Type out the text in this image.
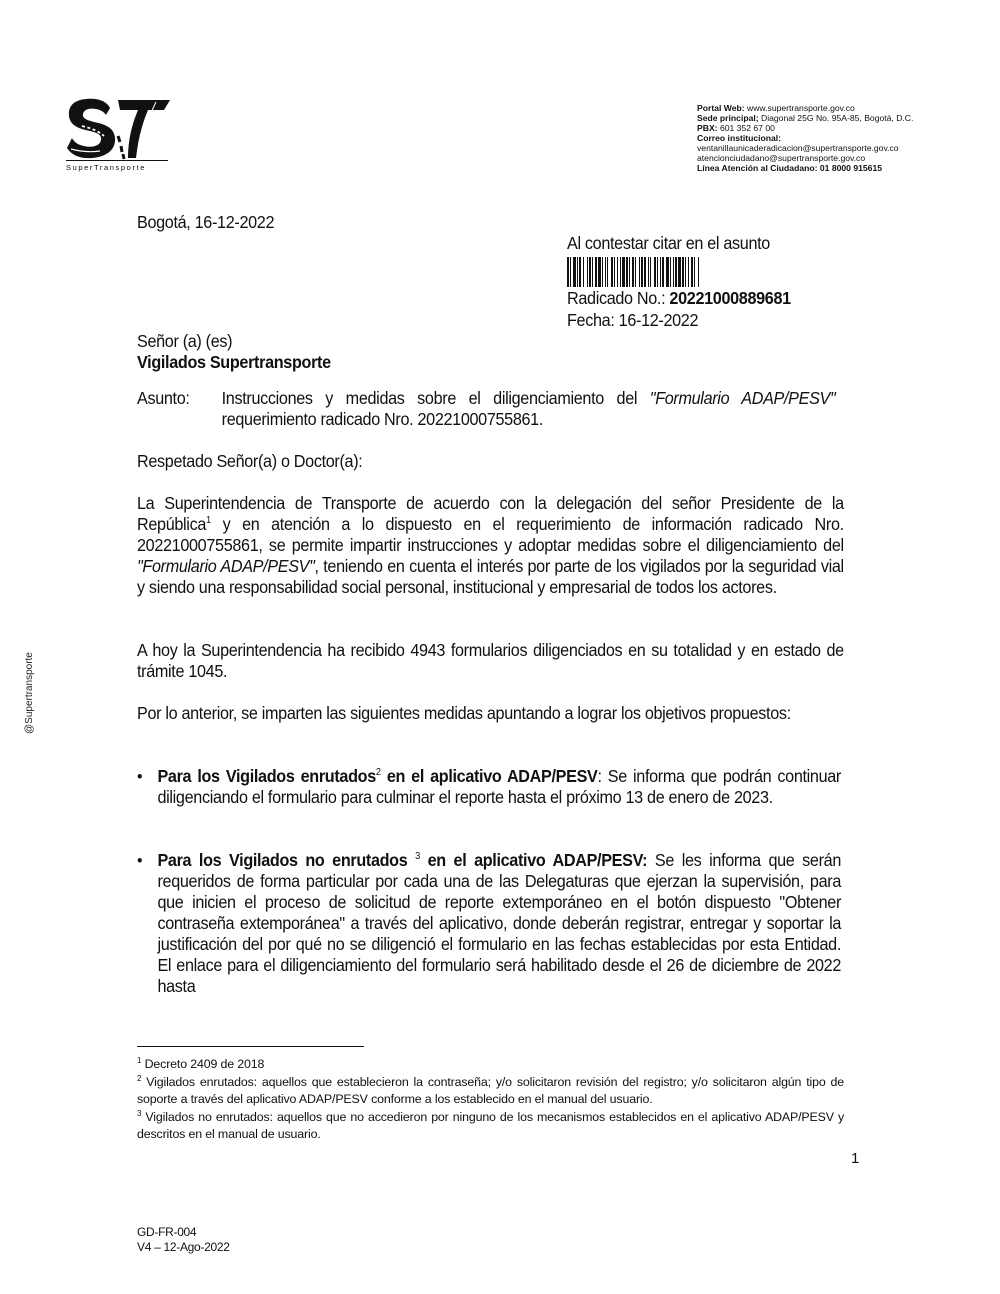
SuperTransporte
Portal Web: www.supertransporte.gov.co
Sede principal; Diagonal 25G No. 95A-85, Bogotá, D.C.
PBX: 601 352 67 00
Correo institucional:
ventanillaunicaderadicacion@supertransporte.gov.co
atencionciudadano@supertransporte.gov.co
Línea Atención al Ciudadano: 01 8000 915615
Bogotá, 16-12-2022
Al contestar citar en el asunto
Radicado No.: 20221000889681
Fecha: 16-12-2022
Señor (a) (es)
Vigilados Supertransporte
Asunto:	Instrucciones y medidas sobre el diligenciamiento del "Formulario ADAP/PESV" requerimiento radicado Nro. 20221000755861.
Respetado Señor(a) o Doctor(a):
La Superintendencia de Transporte de acuerdo con la delegación del señor Presidente de la República$^1$ y en atención a lo dispuesto en el requerimiento de información radicado Nro. 20221000755861, se permite impartir instrucciones y adoptar medidas sobre el diligenciamiento del "Formulario ADAP/PESV", teniendo en cuenta el interés por parte de los vigilados por la seguridad vial y siendo una responsabilidad social personal, institucional y empresarial de todos los actores.
A hoy la Superintendencia ha recibido 4943 formularios diligenciados en su totalidad y en estado de trámite 1045.
Por lo anterior, se imparten las siguientes medidas apuntando a lograr los objetivos propuestos:
• Para los Vigilados enrutados$^2$ en el aplicativo ADAP/PESV: Se informa que podrán continuar diligenciando el formulario para culminar el reporte hasta el próximo 13 de enero de 2023.
• Para los Vigilados no enrutados $^3$ en el aplicativo ADAP/PESV: Se les informa que serán requeridos de forma particular por cada una de las Delegaturas que ejerzan la supervisión, para que inicien el proceso de solicitud de reporte extemporáneo en el botón dispuesto "Obtener contraseña extemporánea" a través del aplicativo, donde deberán registrar, entregar y soportar la justificación del por qué no se diligenció el formulario en las fechas establecidas por esta Entidad. El enlace para el diligenciamiento del formulario será habilitado desde el 26 de diciembre de 2022 hasta
$^1$ Decreto 2409 de 2018
$^2$ Vigilados enrutados: aquellos que establecieron la contraseña; y/o solicitaron revisión del registro; y/o solicitaron algún tipo de soporte a través del aplicativo ADAP/PESV conforme a los establecido en el manual del usuario.
$^3$ Vigilados no enrutados: aquellos que no accedieron por ninguno de los mecanismos establecidos en el aplicativo ADAP/PESV y descritos en el manual de usuario.
1
GD-FR-004
V4 – 12-Ago-2022
@Supertransporte
